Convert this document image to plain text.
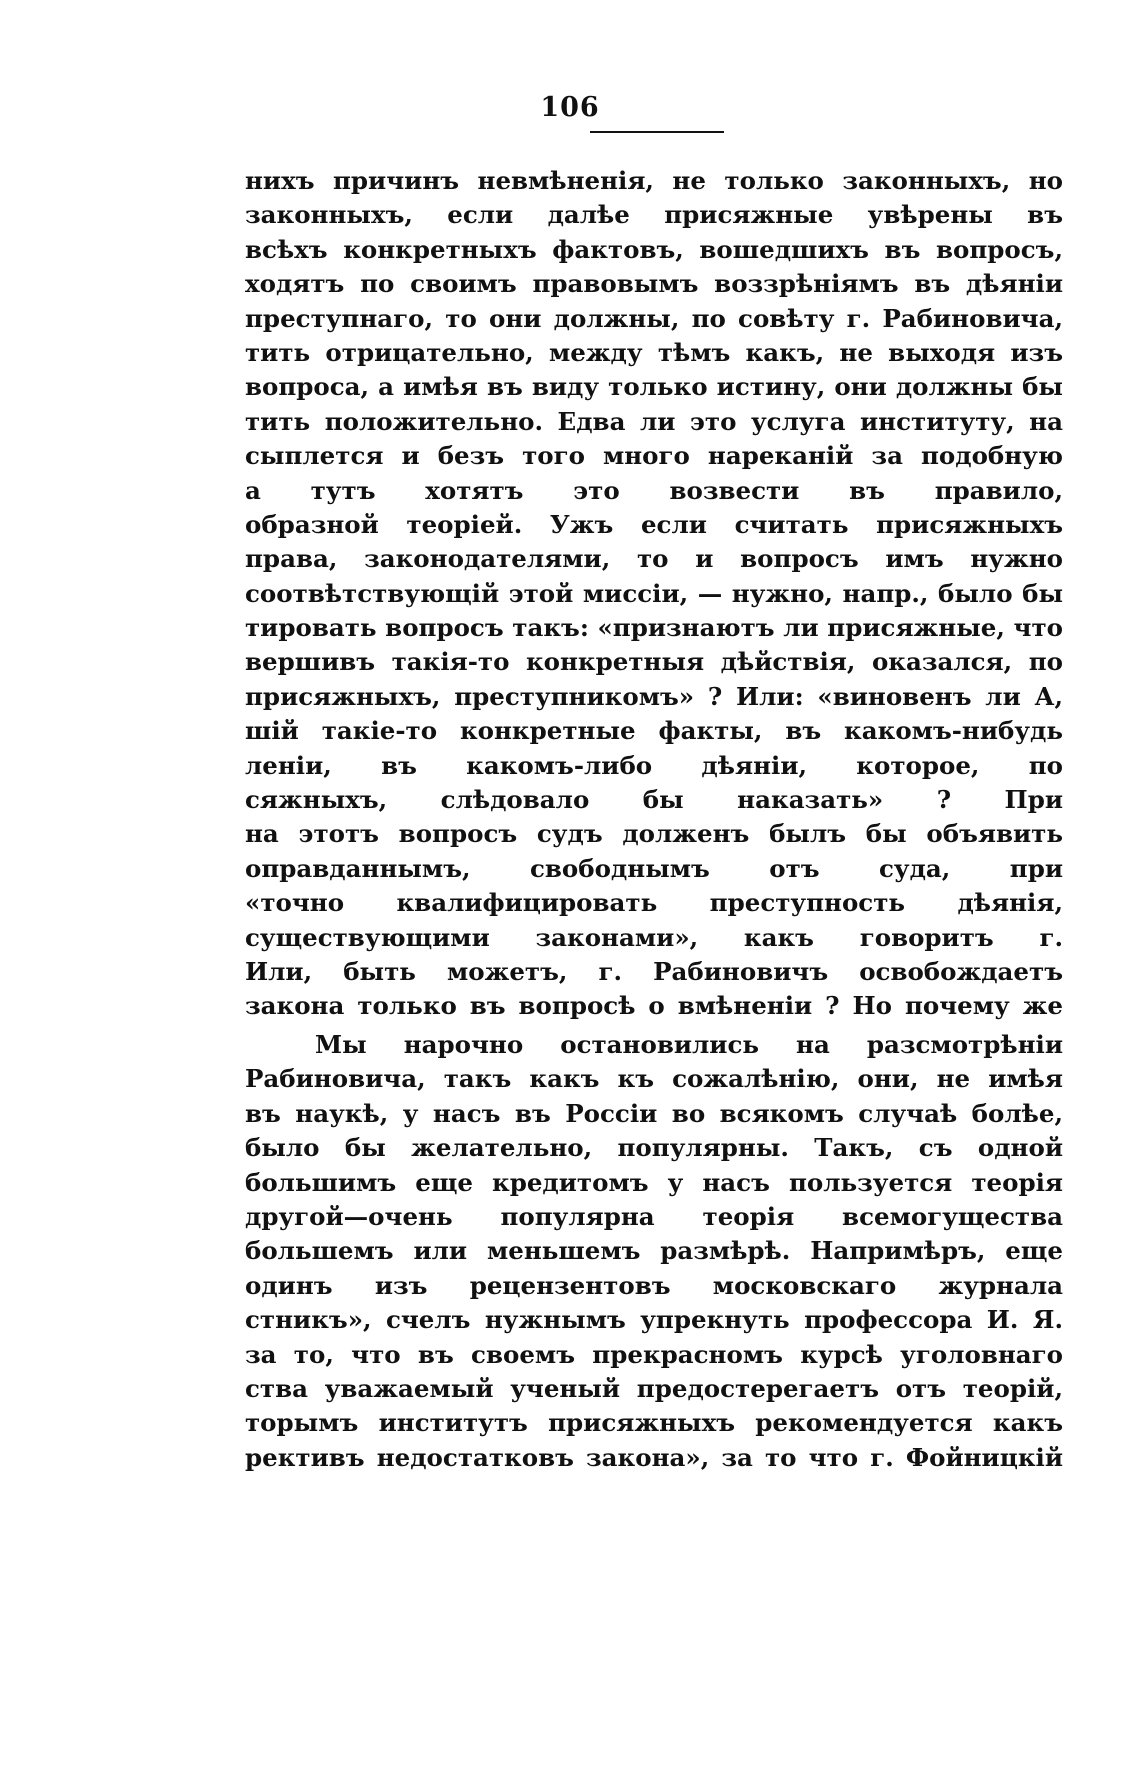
106
нихъ причинъ невмѣненія, не только законныхъ, но
законныхъ, если далѣе присяжные увѣрены въ
всѣхъ конкретныхъ фактовъ, вошедшихъ въ вопросъ,
ходятъ по своимъ правовымъ воззрѣніямъ въ дѣяніи
преступнаго, то они должны, по совѣту г. Рабиновича,
тить отрицательно, между тѣмъ какъ, не выходя изъ
вопроса, а имѣя въ виду только истину, они должны бы
тить положительно. Едва ли это услуга институту, на
сыплется и безъ того много нареканій за подобную
а тутъ хотятъ это возвести въ правило,
образной теоріей. Ужъ если считать присяжныхъ
права, законодателями, то и вопросъ имъ нужно
соотвѣтствующій этой миссіи, — нужно, напр., было бы
тировать вопросъ такъ: «признаютъ ли присяжные, что
вершивъ такія-то конкретныя дѣйствія, оказался, по
присяжныхъ, преступникомъ» ? Или: «виновенъ ли А,
шій такіе-то конкретные факты, въ какомъ-нибудь
леніи, въ какомъ-либо дѣяніи, которое, по
сяжныхъ, слѣдовало бы наказать» ? При
на этотъ вопросъ судъ долженъ былъ бы объявить
оправданнымъ, свободнымъ отъ суда, при
«точно квалифицировать преступность дѣянія,
существующими законами», какъ говоритъ г.
Или, быть можетъ, г. Рабиновичъ освобождаетъ
закона только въ вопросѣ о вмѣненіи ? Но почему же
Мы нарочно остановились на разсмотрѣніи
Рабиновича, такъ какъ къ сожалѣнію, они, не имѣя
въ наукѣ, у насъ въ Россіи во всякомъ случаѣ болѣе,
было бы желательно, популярны. Такъ, съ одной
большимъ еще кредитомъ у насъ пользуется теорія
другой—очень популярна теорія всемогущества
большемъ или меньшемъ размѣрѣ. Напримѣръ, еще
одинъ изъ рецензентовъ московскаго журнала
стникъ», счелъ нужнымъ упрекнуть профессора И. Я.
за то, что въ своемъ прекрасномъ курсѣ уголовнаго
ства уважаемый ученый предостерегаетъ отъ теорій,
торымъ институтъ присяжныхъ рекомендуется какъ
рективъ недостатковъ закона», за то что г. Фойницкій
